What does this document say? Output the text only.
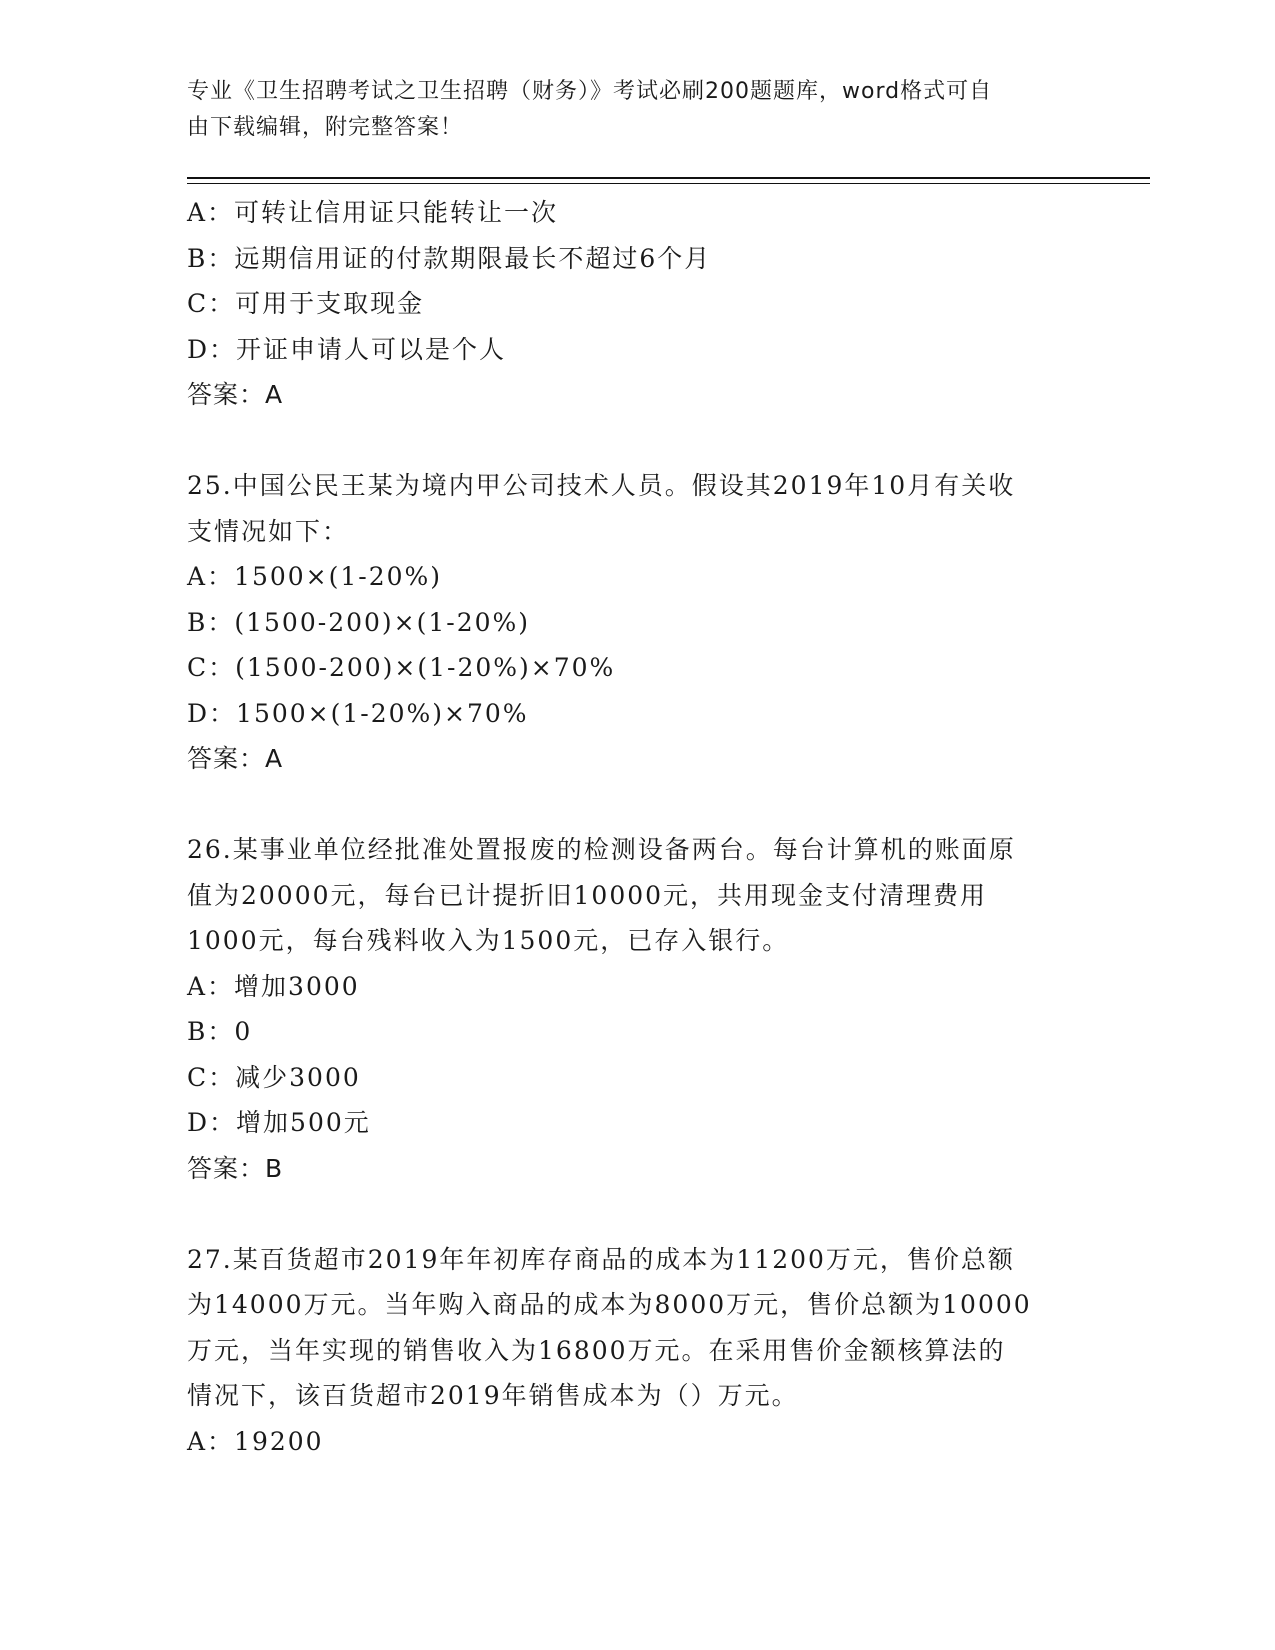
专业《卫生招聘考试之卫生招聘（财务）》考试必刷200题题库，word格式可自
由下载编辑，附完整答案！
A：可转让信用证只能转让一次
B：远期信用证的付款期限最长不超过6个月
C：可用于支取现金
D：开证申请人可以是个人
答案：A
25.中国公民王某为境内甲公司技术人员。假设其2019年10月有关收
支情况如下：
A：1500×(1-20%)
B：(1500-200)×(1-20%)
C：(1500-200)×(1-20%)×70%
D：1500×(1-20%)×70%
答案：A
26.某事业单位经批准处置报废的检测设备两台。每台计算机的账面原
值为20000元，每台已计提折旧10000元，共用现金支付清理费用
1000元，每台残料收入为1500元，已存入银行。
A：增加3000
B：0
C：减少3000
D：增加500元
答案：B
27.某百货超市2019年年初库存商品的成本为11200万元，售价总额
为14000万元。当年购入商品的成本为8000万元，售价总额为10000
万元，当年实现的销售收入为16800万元。在采用售价金额核算法的
情况下，该百货超市2019年销售成本为（）万元。
A：19200
